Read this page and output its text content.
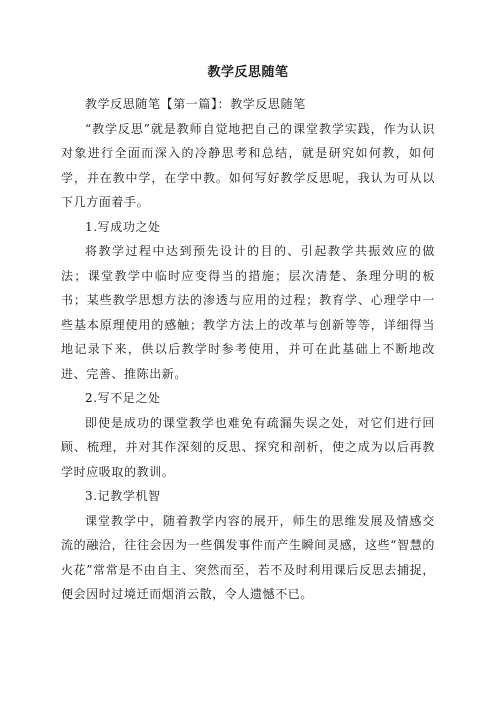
教学反思随笔

教学反思随笔【第一篇】：教学反思随笔

“教学反思”就是教师自觉地把自己的课堂教学实践，作为认识对象进行全面而深入的冷静思考和总结，就是研究如何教，如何学，并在教中学，在学中教。如何写好教学反思呢，我认为可从以下几方面着手。

1.写成功之处

将教学过程中达到预先设计的目的、引起教学共振效应的做法；课堂教学中临时应变得当的措施；层次清楚、条理分明的板书；某些教学思想方法的渗透与应用的过程；教育学、心理学中一些基本原理使用的感触；教学方法上的改革与创新等等，详细得当地记录下来，供以后教学时参考使用，并可在此基础上不断地改进、完善、推陈出新。

2.写不足之处

即使是成功的课堂教学也难免有疏漏失误之处，对它们进行回顾、梳理，并对其作深刻的反思、探究和剖析，使之成为以后再教学时应吸取的教训。

3.记教学机智

课堂教学中，随着教学内容的展开，师生的思维发展及情感交流的融洽，往往会因为一些偶发事件而产生瞬间灵感，这些“智慧的火花”常常是不由自主、突然而至，若不及时利用课后反思去捕捉，便会因时过境迁而烟消云散，令人遗憾不已。
